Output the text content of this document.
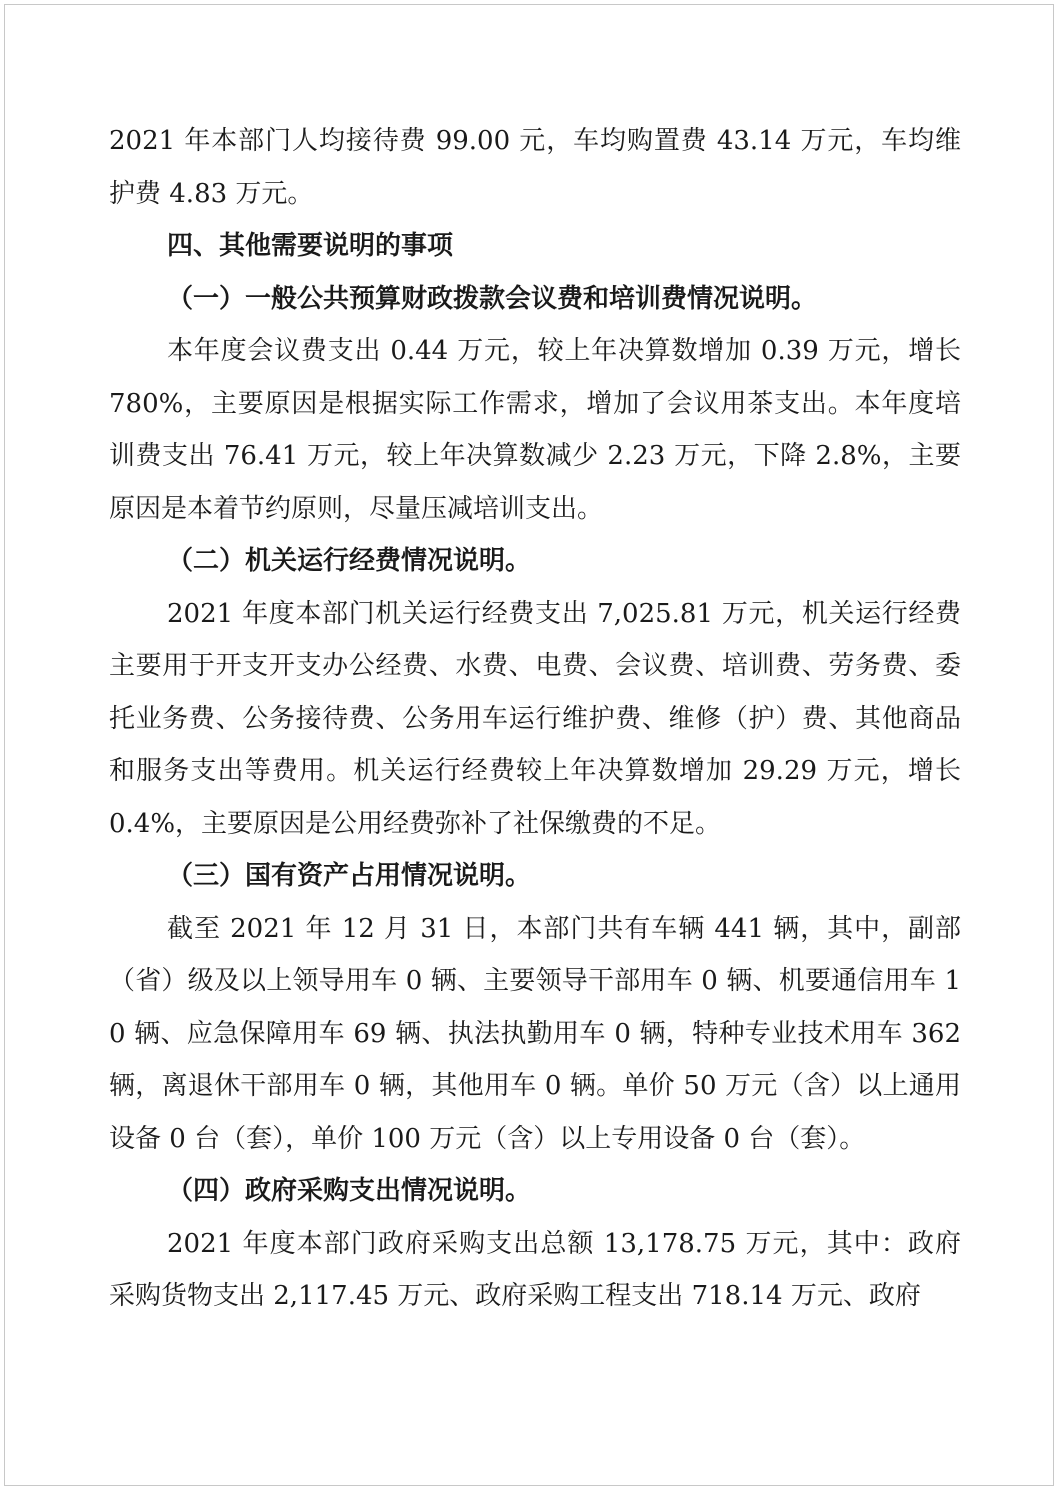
2021 年本部门人均接待费 99.00 元，车均购置费 43.14 万元，车均维护费 4.83 万元。

四、其他需要说明的事项

（一）一般公共预算财政拨款会议费和培训费情况说明。

本年度会议费支出 0.44 万元，较上年决算数增加 0.39 万元，增长 780%，主要原因是根据实际工作需求，增加了会议用茶支出。本年度培训费支出 76.41 万元，较上年决算数减少 2.23 万元，下降 2.8%，主要原因是本着节约原则，尽量压减培训支出。

（二）机关运行经费情况说明。

2021 年度本部门机关运行经费支出 7,025.81 万元，机关运行经费主要用于开支开支办公经费、水费、电费、会议费、培训费、劳务费、委托业务费、公务接待费、公务用车运行维护费、维修（护）费、其他商品和服务支出等费用。机关运行经费较上年决算数增加 29.29 万元，增长 0.4%，主要原因是公用经费弥补了社保缴费的不足。

（三）国有资产占用情况说明。

截至 2021 年 12 月 31 日，本部门共有车辆 441 辆，其中，副部（省）级及以上领导用车 0 辆、主要领导干部用车 0 辆、机要通信用车 10 辆、应急保障用车 69 辆、执法执勤用车 0 辆，特种专业技术用车 362 辆，离退休干部用车 0 辆，其他用车 0 辆。单价 50 万元（含）以上通用设备 0 台（套），单价 100 万元（含）以上专用设备 0 台（套）。

（四）政府采购支出情况说明。

2021 年度本部门政府采购支出总额 13,178.75 万元，其中：政府采购货物支出 2,117.45 万元、政府采购工程支出 718.14 万元、政府
